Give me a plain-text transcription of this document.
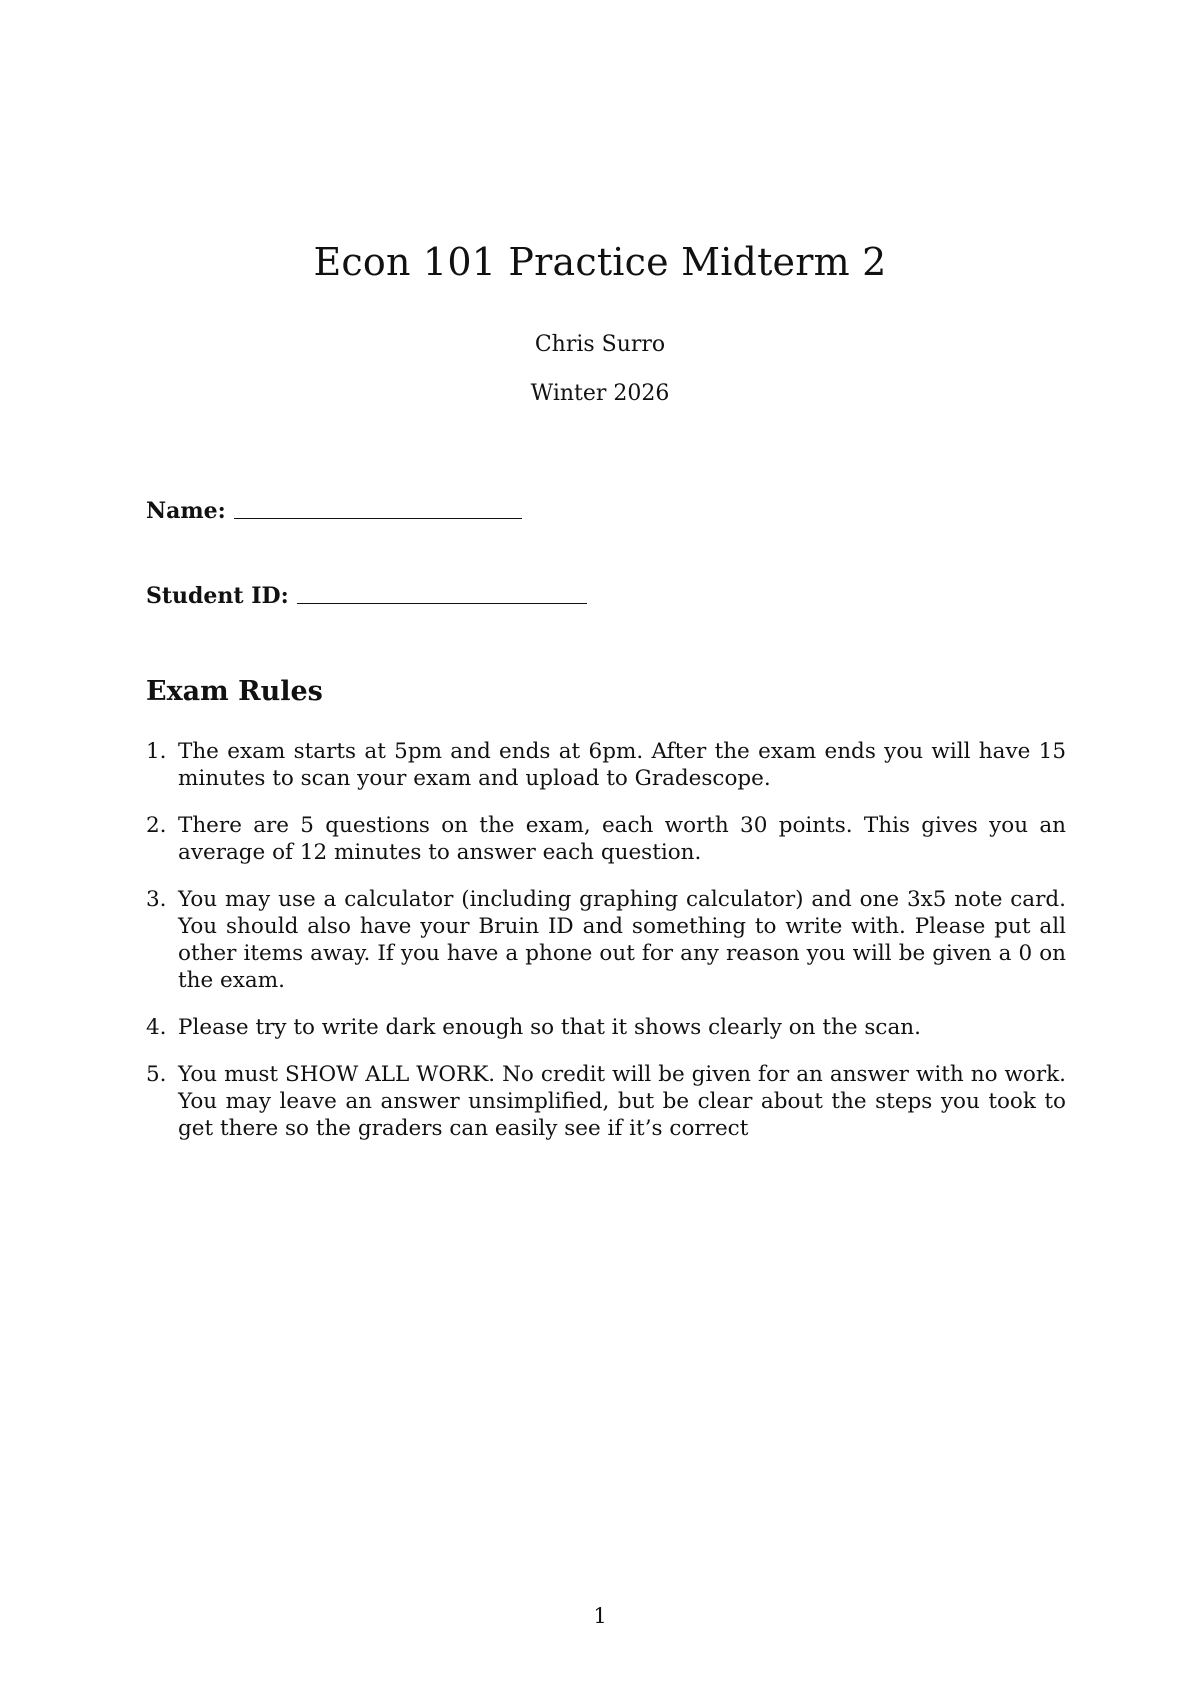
Econ 101 Practice Midterm 2
Chris Surro
Winter 2026
Name:
Student ID:
Exam Rules
1. The exam starts at 5pm and ends at 6pm. After the exam ends you will have 15 minutes to scan your exam and upload to Gradescope.
2. There are 5 questions on the exam, each worth 30 points. This gives you an average of 12 minutes to answer each question.
3. You may use a calculator (including graphing calculator) and one 3x5 note card. You should also have your Bruin ID and something to write with. Please put all other items away. If you have a phone out for any reason you will be given a 0 on the exam.
4. Please try to write dark enough so that it shows clearly on the scan.
5. You must SHOW ALL WORK. No credit will be given for an answer with no work. You may leave an answer unsimplified, but be clear about the steps you took to get there so the graders can easily see if it’s correct
1
